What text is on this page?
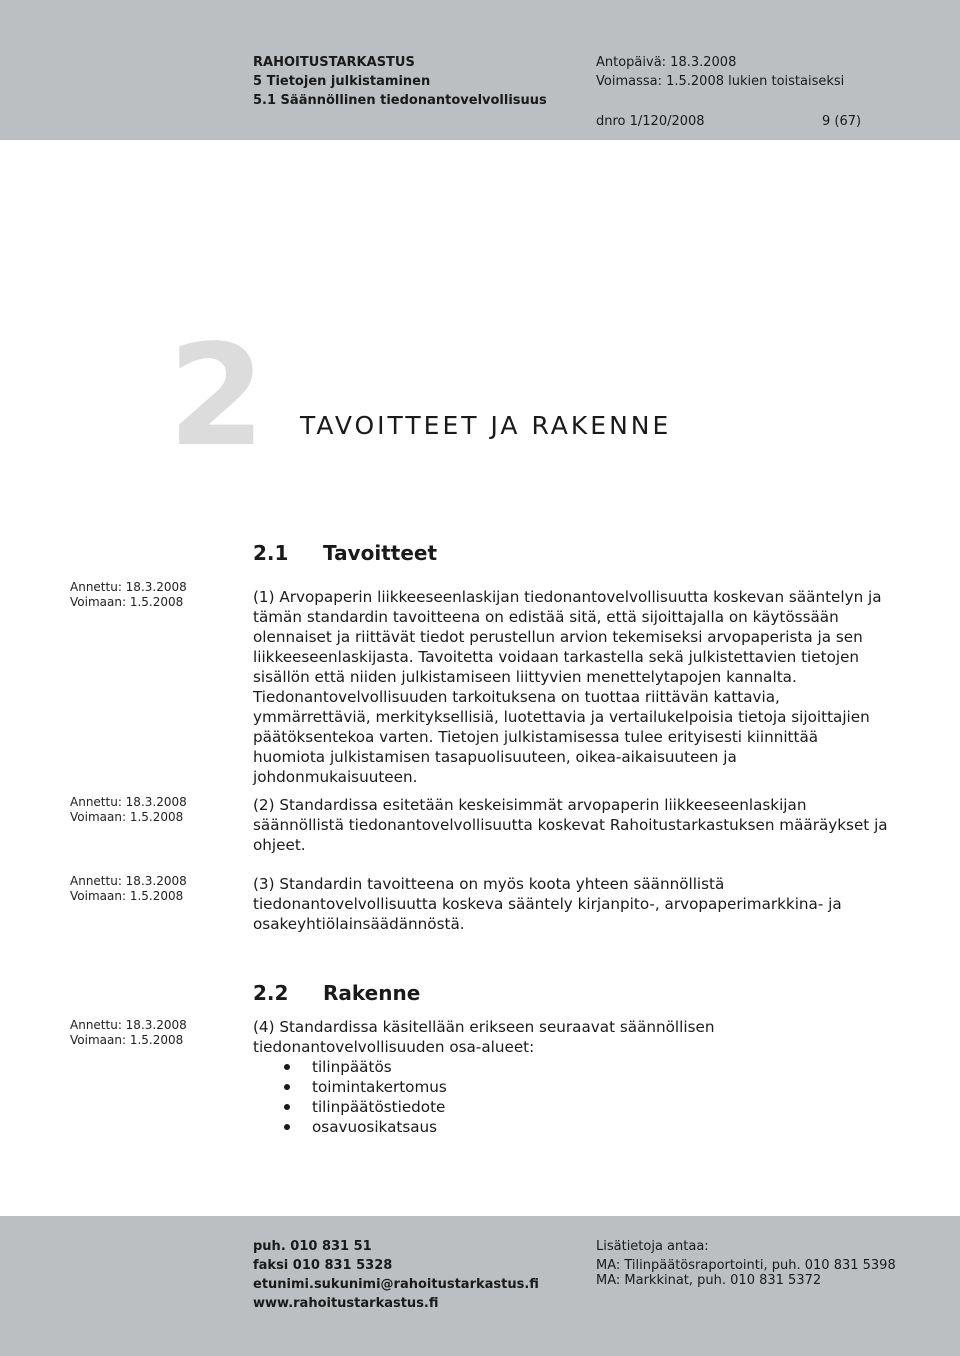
RAHOITUSTARKASTUS
5 Tietojen julkistaminen
5.1 Säännöllinen tiedonantovelvollisuus
Antopäivä: 18.3.2008
Voimassa: 1.5.2008 lukien toistaiseksi
dnro 1/120/2008	9 (67)
2 TAVOITTEET JA RAKENNE
2.1 Tavoitteet
Annettu: 18.3.2008
Voimaan: 1.5.2008	(1) Arvopaperin liikkeeseenlaskijan tiedonantovelvollisuutta koskevan sääntelyn ja tämän standardin tavoitteena on edistää sitä, että sijoittajalla on käytössään olennaiset ja riittävät tiedot perustellun arvion tekemiseksi arvopaperista ja sen liikkeeseenlaskijasta. Tavoitetta voidaan tarkastella sekä julkistettavien tietojen sisällön että niiden julkistamiseen liittyvien menettelytapojen kannalta. Tiedonantovelvollisuuden tarkoituksena on tuottaa riittävän kattavia, ymmärrettäviä, merkityksellisiä, luotettavia ja vertailukelpoisia tietoja sijoittajien päätöksentekoa varten. Tietojen julkistamisessa tulee erityisesti kiinnittää huomiota julkistamisen tasapuolisuuteen, oikea-aikaisuuteen ja johdonmukaisuuteen.

Annettu: 18.3.2008
Voimaan: 1.5.2008

(2) Standardissa esitetään keskeisimmät arvopaperin liikkeeseenlaskijan säännöllistä tiedonantovelvollisuutta koskevat Rahoitustarkastuksen määräykset ja ohjeet.

Annettu: 18.3.2008
Voimaan: 1.5.2008

(3) Standardin tavoitteena on myös koota yhteen säännöllistä tiedonantovelvollisuutta koskeva sääntely kirjanpito-, arvopaperimarkkina- ja osakeyhtiölainsäädännöstä.

2.2 Rakenne
Annettu: 18.3.2008
Voimaan: 1.5.2008

(4) Standardissa käsitellään erikseen seuraavat säännöllisen tiedonantovelvollisuuden osa-alueet:

tilinpäätös
toimintakertomus
tilinpäätöstiedote
osavuosikatsaus
puh. 010 831 51
faksi 010 831 5328
etunimi.sukunimi@rahoitustarkastus.fi
www.rahoitustarkastus.fi
Lisätietoja antaa:
MA: Tilinpäätösraportointi, puh. 010 831 5398
MA: Markkinat, puh. 010 831 5372
